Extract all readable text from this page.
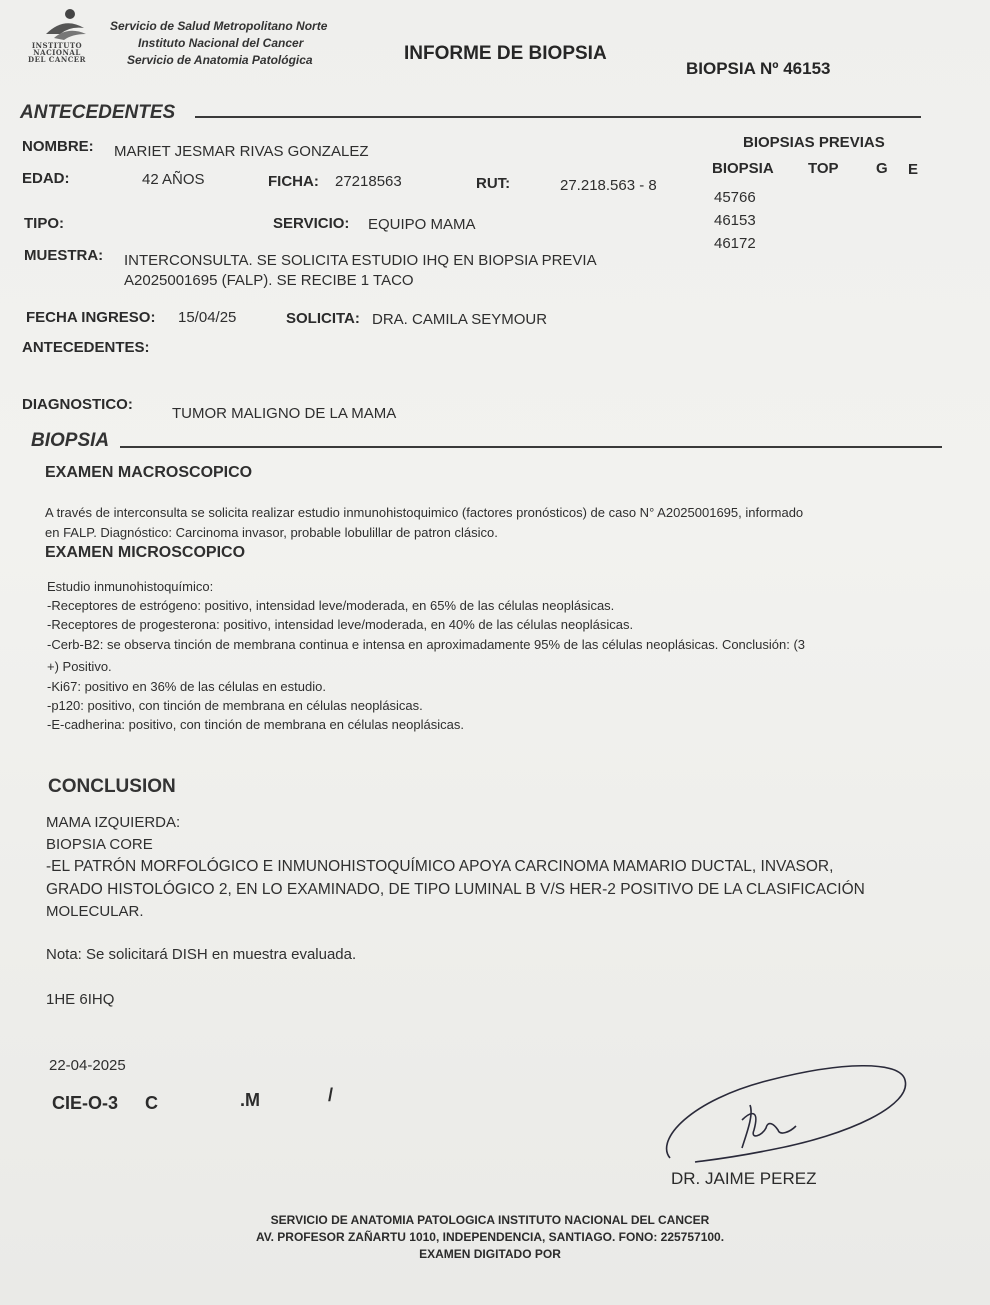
INSTITUTO
NACIONAL
DEL CANCER
Servicio de Salud Metropolitano Norte
Instituto Nacional del Cancer
Servicio de Anatomia Patológica	INFORME DE BIOPSIA
BIOPSIA Nº 46153
ANTECEDENTES
NOMBRE: MARIET JESMAR RIVAS GONZALEZ
EDAD:	42 AÑOS	FICHA: 27218563	RUT:	27.218.563 - 8
TIPO:	SERVICIO: EQUIPO MAMA
MUESTRA: INTERCONSULTA. SE SOLICITA ESTUDIO IHQ EN BIOPSIA PREVIA
A2025001695 (FALP). SE RECIBE 1 TACO
FECHA INGRESO: 15/04/25	SOLICITA: DRA. CAMILA SEYMOUR
ANTECEDENTES:
DIAGNOSTICO:
TUMOR MALIGNO DE LA MAMA
BIOPSIAS PREVIAS
BIOPSIA TOP G E
45766
46153
46172
BIOPSIA
EXAMEN MACROSCOPICO
A través de interconsulta se solicita realizar estudio inmunohistoquimico (factores pronósticos) de caso N° A2025001695, informado
en FALP. Diagnóstico: Carcinoma invasor, probable lobulillar de patron clásico.
EXAMEN MICROSCOPICO
Estudio inmunohistoquímico:
-Receptores de estrógeno: positivo, intensidad leve/moderada, en 65% de las células neoplásicas.
-Receptores de progesterona: positivo, intensidad leve/moderada, en 40% de las células neoplásicas.
-Cerb-B2: se observa tinción de membrana continua e intensa en aproximadamente 95% de las células neoplásicas. Conclusión: (3
+) Positivo.
-Ki67: positivo en 36% de las células en estudio.
-p120: positivo, con tinción de membrana en células neoplásicas.
-E-cadherina: positivo, con tinción de membrana en células neoplásicas.
CONCLUSION
MAMA IZQUIERDA:
BIOPSIA CORE
-EL PATRÓN MORFOLÓGICO E INMUNOHISTOQUÍMICO APOYA CARCINOMA MAMARIO DUCTAL, INVASOR,
GRADO HISTOLÓGICO 2, EN LO EXAMINADO, DE TIPO LUMINAL B V/S HER-2 POSITIVO DE LA CLASIFICACIÓN
MOLECULAR.
Nota: Se solicitará DISH en muestra evaluada.
1HE 6IHQ
22-04-2025
CIE-O-3 C	.M	/
DR. JAIME PEREZ
SERVICIO DE ANATOMIA PATOLOGICA INSTITUTO NACIONAL DEL CANCER
AV. PROFESOR ZAÑARTU 1010, INDEPENDENCIA, SANTIAGO. FONO: 225757100.
EXAMEN DIGITADO POR
